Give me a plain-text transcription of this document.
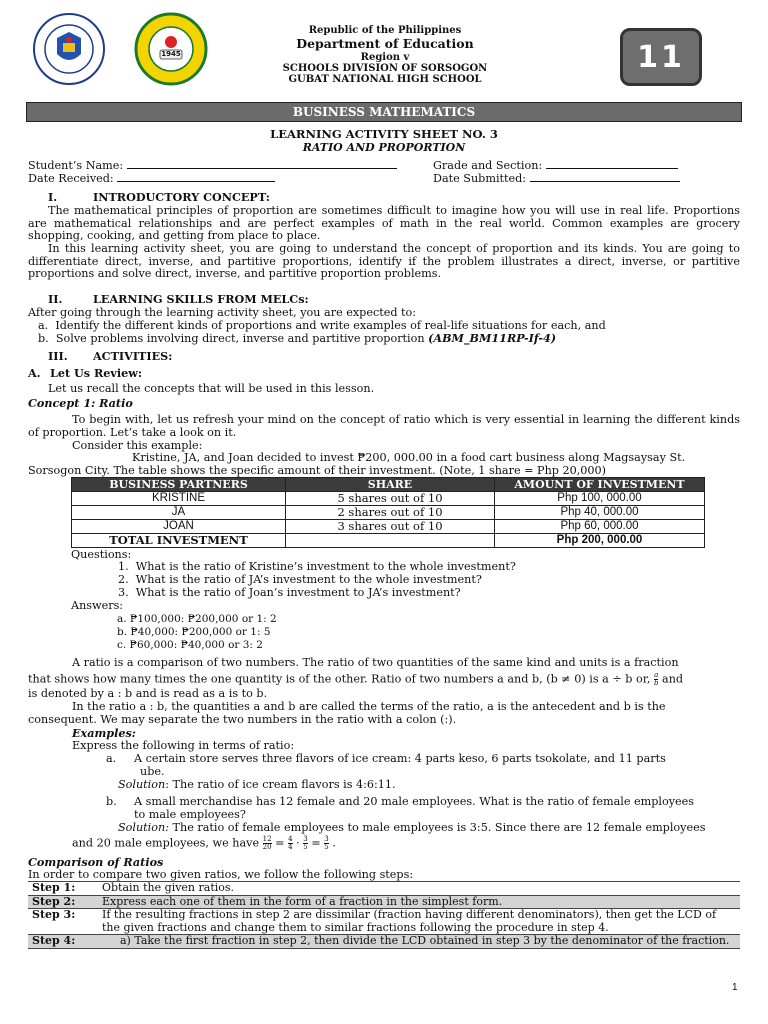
1945
Republic of the Philippines
Department of Education
Region v
SCHOOLS DIVISION OF SORSOGON
GUBAT NATIONAL HIGH SCHOOL
11
BUSINESS MATHEMATICS
LEARNING ACTIVITY SHEET NO. 3
RATIO AND PROPORTION
Student’s Name:	Grade and Section:
Date Received:	Date Submitted:
I.	INTRODUCTORY CONCEPT:
The mathematical principles of proportion are sometimes difficult to imagine how you will use in real life. Proportions are mathematical relationships and are perfect examples of math in the real world. Common examples are grocery shopping, cooking, and getting from place to place.
In this learning activity sheet, you are going to understand the concept of proportion and its kinds. You are going to differentiate direct, inverse, and partitive proportions, identify if the problem illustrates a direct, inverse, or partitive proportions and solve direct, inverse, and partitive proportion problems.
II.	LEARNING SKILLS FROM MELCs:
After going through the learning activity sheet, you are expected to:
a.  Identify the different kinds of proportions and write examples of real-life situations for each, and
b.  Solve problems involving direct, inverse and partitive proportion (ABM_BM11RP-If-4)
III. ACTIVITIES:
A. Let Us Review:
Let us recall the concepts that will be used in this lesson.
Concept 1: Ratio
To begin with, let us refresh your mind on the concept of ratio which is very essential in learning the different kinds of proportion. Let’s take a look on it.
Consider this example:
Kristine, JA, and Joan decided to invest ₱200, 000.00 in a food cart business along Magsaysay St.
Sorsogon City. The table shows the specific amount of their investment. (Note, 1 share = Php 20,000)
BUSINESS PARTNERS	SHARE	AMOUNT OF INVESTMENT
KRISTINE	5 shares out of 10	Php 100, 000.00
JA	2 shares out of 10	Php 40, 000.00
JOAN	3 shares out of 10	Php 60, 000.00
TOTAL INVESTMENT		Php 200, 000.00
Questions:
1.  What is the ratio of Kristine’s investment to the whole investment?
2.  What is the ratio of JA’s investment to the whole investment?
3.  What is the ratio of Joan’s investment to JA’s investment?
Answers:
a. ₱100,000: ₱200,000 or 1: 2
b. ₱40,000: ₱200,000 or 1: 5
c. ₱60,000: ₱40,000 or 3: 2
A ratio is a comparison of two numbers. The ratio of two quantities of the same kind and units is a fraction
that shows how many times the one quantity is of the other. Ratio of two numbers a and b, (b ≠ 0) is a ÷ b or, $\frac{a}{b}$ and
is denoted by a : b and is read as a is to b.
In the ratio a : b, the quantities a and b are called the terms of the ratio, a is the antecedent and b is the
consequent. We may separate the two numbers in the ratio with a colon (:).
Examples:
Express the following in terms of ratio:
a. A certain store serves three flavors of ice cream: 4 parts keso, 6 parts tsokolate, and 11 parts
ube.
Solution: The ratio of ice cream flavors is 4:6:11.
b. A small merchandise has 12 female and 20 male employees. What is the ratio of female employees
to male employees?
Solution: The ratio of female employees to male employees is 3:5. Since there are 12 female employees
and 20 male employees, we have $\frac{12}{20} = \frac{4}{4} \cdot \frac{3}{5} = \frac{3}{5}$ .
Comparison of Ratios
In order to compare two given ratios, we follow the following steps:
Step 1:	Obtain the given ratios.
Step 2:	Express each one of them in the form of a fraction in the simplest form.
Step 3:	If the resulting fractions in step 2 are dissimilar (fraction having different denominators), then get the LCD of the given fractions and change them to similar fractions following the procedure in step 4.
Step 4:	a) Take the first fraction in step 2, then divide the LCD obtained in step 3 by the denominator of the fraction.
1
